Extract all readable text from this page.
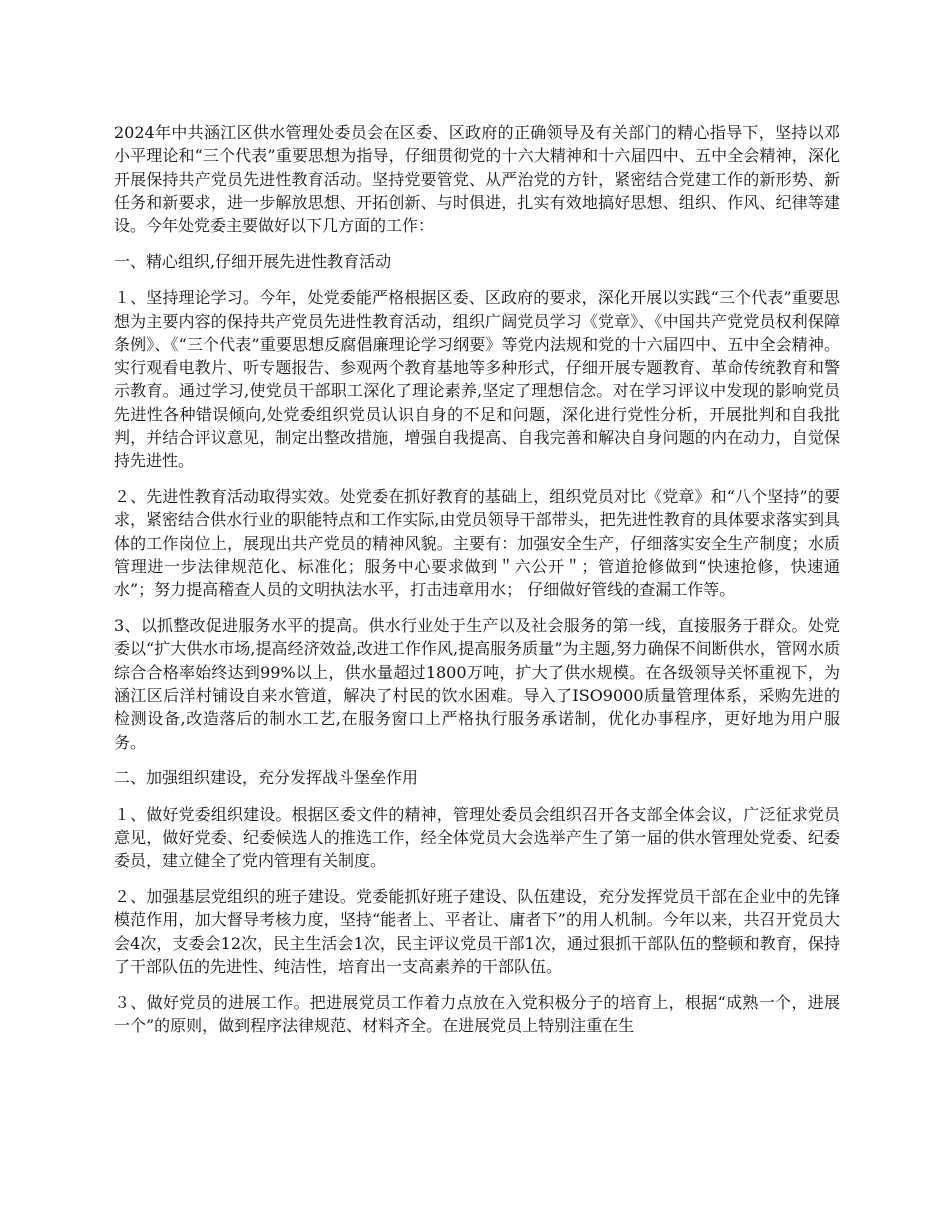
2024年中共涵江区供水管理处委员会在区委、区政府的正确领导及有关部门的精心指导下，坚持以邓小平理论和“三个代表”重要思想为指导，仔细贯彻党的十六大精神和十六届四中、五中全会精神，深化开展保持共产党员先进性教育活动。坚持党要管党、从严治党的方针，紧密结合党建工作的新形势、新任务和新要求，进一步解放思想、开拓创新、与时俱进，扎实有效地搞好思想、组织、作风、纪律等建设。今年处党委主要做好以下几方面的工作：

一、精心组织,仔细开展先进性教育活动

１、坚持理论学习。今年，处党委能严格根据区委、区政府的要求，深化开展以实践“三个代表”重要思想为主要内容的保持共产党员先进性教育活动，组织广阔党员学习《党章》、《中国共产党党员权利保障条例》、《“三个代表”重要思想反腐倡廉理论学习纲要》等党内法规和党的十六届四中、五中全会精神。实行观看电教片、听专题报告、参观两个教育基地等多种形式，仔细开展专题教育、革命传统教育和警示教育。通过学习,使党员干部职工深化了理论素养,坚定了理想信念。对在学习评议中发现的影响党员先进性各种错误倾向,处党委组织党员认识自身的不足和问题，深化进行党性分析，开展批判和自我批判，并结合评议意见，制定出整改措施，增强自我提高、自我完善和解决自身问题的内在动力，自觉保持先进性。

２、先进性教育活动取得实效。处党委在抓好教育的基础上，组织党员对比《党章》和“八个坚持”的要求，紧密结合供水行业的职能特点和工作实际,由党员领导干部带头，把先进性教育的具体要求落实到具体的工作岗位上，展现出共产党员的精神风貌。主要有：加强安全生产，仔细落实安全生产制度；水质管理进一步法律规范化、标准化；服务中心要求做到＂六公开＂；管道抢修做到“快速抢修，快速通水”；努力提高稽查人员的文明执法水平，打击违章用水； 仔细做好管线的查漏工作等。

3、以抓整改促进服务水平的提高。供水行业处于生产以及社会服务的第一线，直接服务于群众。处党委以“扩大供水市场,提高经济效益,改进工作作风,提高服务质量”为主题,努力确保不间断供水，管网水质综合合格率始终达到99%以上，供水量超过1800万吨，扩大了供水规模。在各级领导关怀重视下，为涵江区后洋村铺设自来水管道，解决了村民的饮水困难。导入了ISO9000质量管理体系，采购先进的检测设备,改造落后的制水工艺,在服务窗口上严格执行服务承诺制，优化办事程序，更好地为用户服务。

二、加强组织建设，充分发挥战斗堡垒作用

１、做好党委组织建设。根据区委文件的精神，管理处委员会组织召开各支部全体会议，广泛征求党员意见，做好党委、纪委候选人的推选工作，经全体党员大会选举产生了第一届的供水管理处党委、纪委委员，建立健全了党内管理有关制度。

２、加强基层党组织的班子建设。党委能抓好班子建设、队伍建设，充分发挥党员干部在企业中的先锋模范作用，加大督导考核力度，坚持“能者上、平者让、庸者下”的用人机制。今年以来，共召开党员大会4次，支委会12次，民主生活会1次，民主评议党员干部1次，通过狠抓干部队伍的整顿和教育，保持了干部队伍的先进性、纯洁性，培育出一支高素养的干部队伍。

３、做好党员的进展工作。把进展党员工作着力点放在入党积极分子的培育上，根据“成熟一个，进展一个”的原则，做到程序法律规范、材料齐全。在进展党员上特别注重在生
